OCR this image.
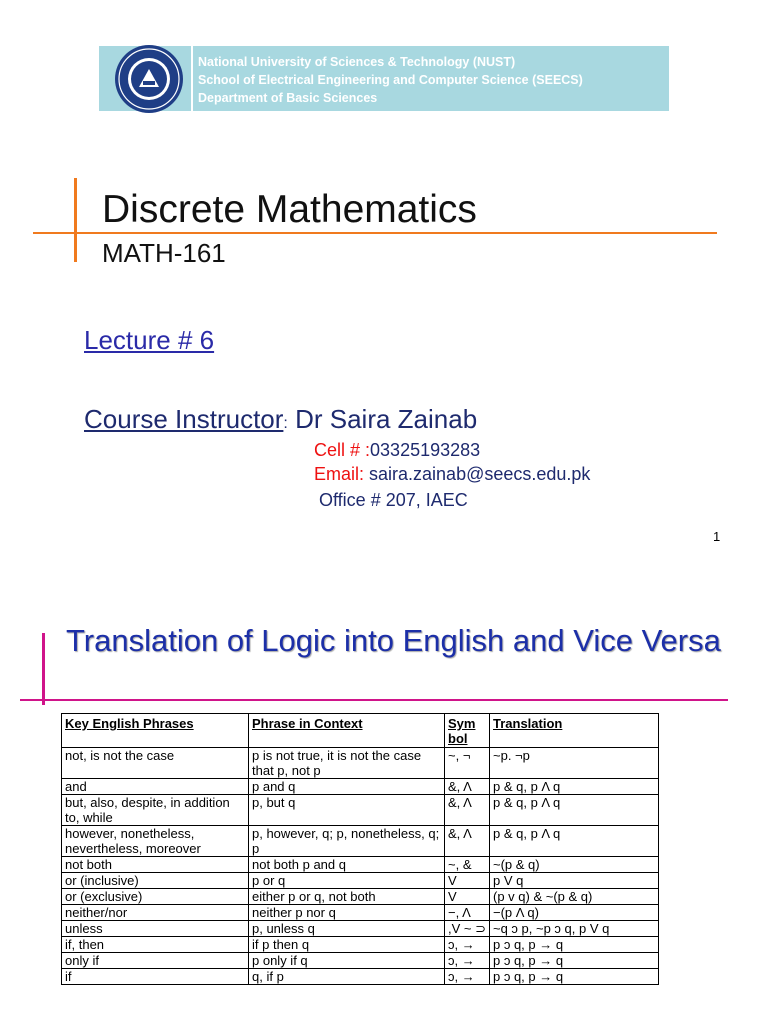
National University of Sciences & Technology (NUST)
School of Electrical Engineering and Computer Science (SEECS)
Department of Basic Sciences
Discrete Mathematics
MATH-161
Lecture # 6
Course Instructor: Dr Saira Zainab
Cell # :03325193283
Email: saira.zainab@seecs.edu.pk
Office # 207, IAEC
1
Translation of Logic into English and Vice Versa
Key English Phrases	Phrase in Context	Sym bol	Translation
not, is not the case	p is not true, it is not the case that p, not p	~, ¬	~p. ¬p
and	p and q	&, Λ	p & q, p Λ q
but, also, despite, in addition to, while	p, but q	&, Λ	p & q, p Λ q
however, nonetheless, nevertheless, moreover	p, however, q; p, nonetheless, q; p	&, Λ	p & q, p Λ q
not both	not both p and q	~, &	~(p & q)
or (inclusive)	p or q	V	p V q
or (exclusive)	either p or q, not both	V	(p v q) & ~(p & q)
neither/nor	neither p nor q	−, Λ	−(p Λ q)
unless	p, unless q	,V ~ ⊃	~q ɔ p, ~p ɔ q, p V q
if, then	if p then q	ɔ, →	p ɔ q, p → q
only if	p only if q	ɔ, →	p ɔ q, p → q
if	q, if p	ɔ, →	p ɔ q, p → q
